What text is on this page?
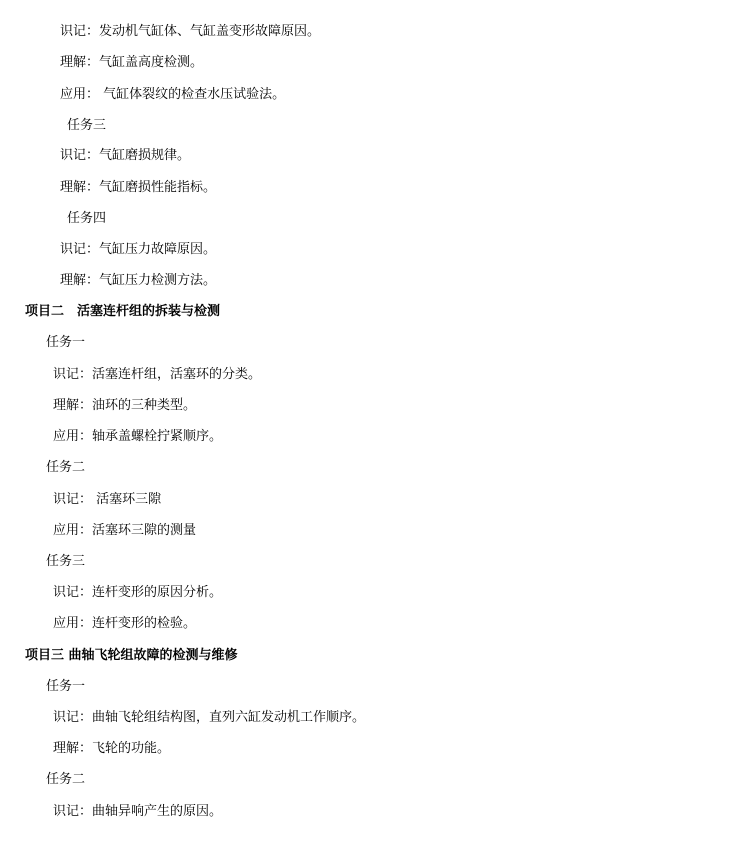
识记：发动机气缸体、气缸盖变形故障原因。
理解：气缸盖高度检测。
应用： 气缸体裂纹的检查水压试验法。
任务三
识记：气缸磨损规律。
理解：气缸磨损性能指标。
任务四
识记：气缸压力故障原因。
理解：气缸压力检测方法。
项目二　活塞连杆组的拆装与检测
任务一
识记：活塞连杆组，活塞环的分类。
理解：油环的三种类型。
应用：轴承盖螺栓拧紧顺序。
任务二
识记： 活塞环三隙
应用：活塞环三隙的测量
任务三
识记：连杆变形的原因分析。
应用：连杆变形的检验。
项目三 曲轴飞轮组故障的检测与维修
任务一
识记：曲轴飞轮组结构图，直列六缸发动机工作顺序。
理解：飞轮的功能。
任务二
识记：曲轴异响产生的原因。
